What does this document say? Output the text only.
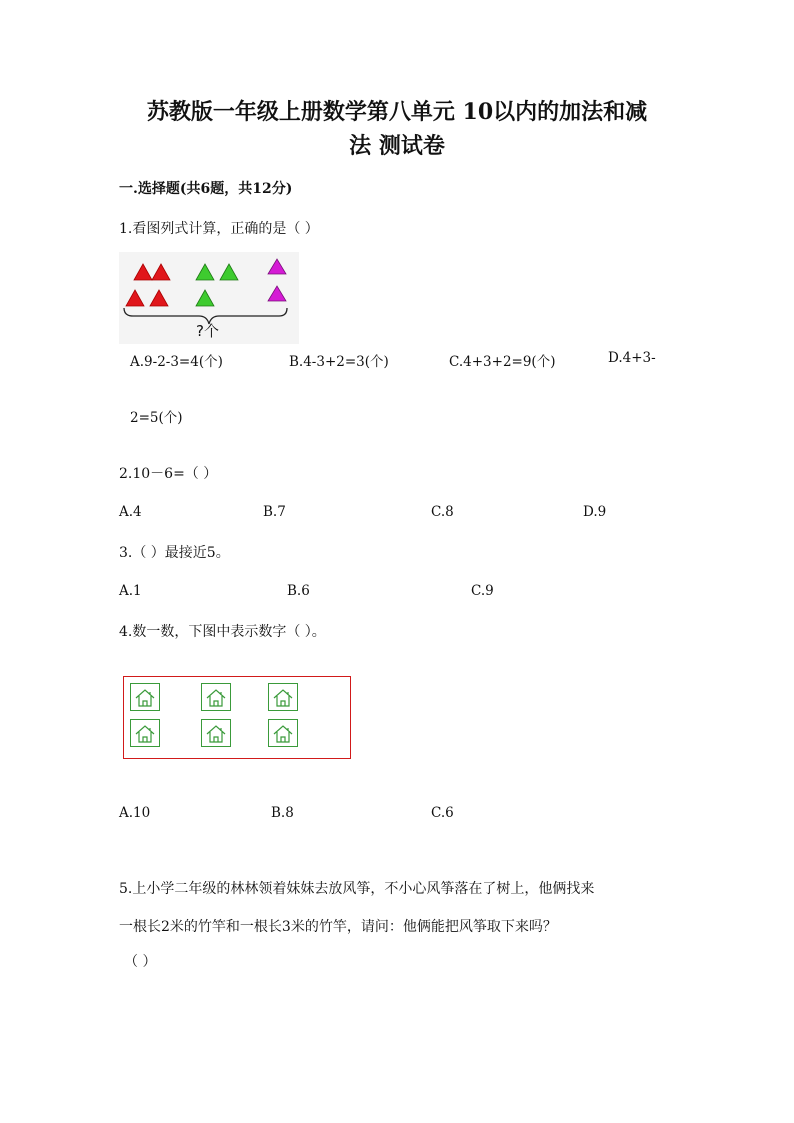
苏教版一年级上册数学第八单元 10以内的加法和减
法 测试卷
一.选择题(共6题，共12分)
1.看图列式计算，正确的是（ ）
?个
A.9-2-3=4(个)	B.4-3+2=3(个)	C.4+3+2=9(个)	D.4+3-
2=5(个)
2.10－6=（ ）
A.4	B.7	C.8	D.9
3.（ ）最接近5。
A.1	B.6	C.9
4.数一数，下图中表示数字（ ）。
A.10	B.8	C.6
5.上小学二年级的林林领着妹妹去放风筝，不小心风筝落在了树上，他俩找来
一根长2米的竹竿和一根长3米的竹竿，请问：他俩能把风筝取下来吗？
（ ）
